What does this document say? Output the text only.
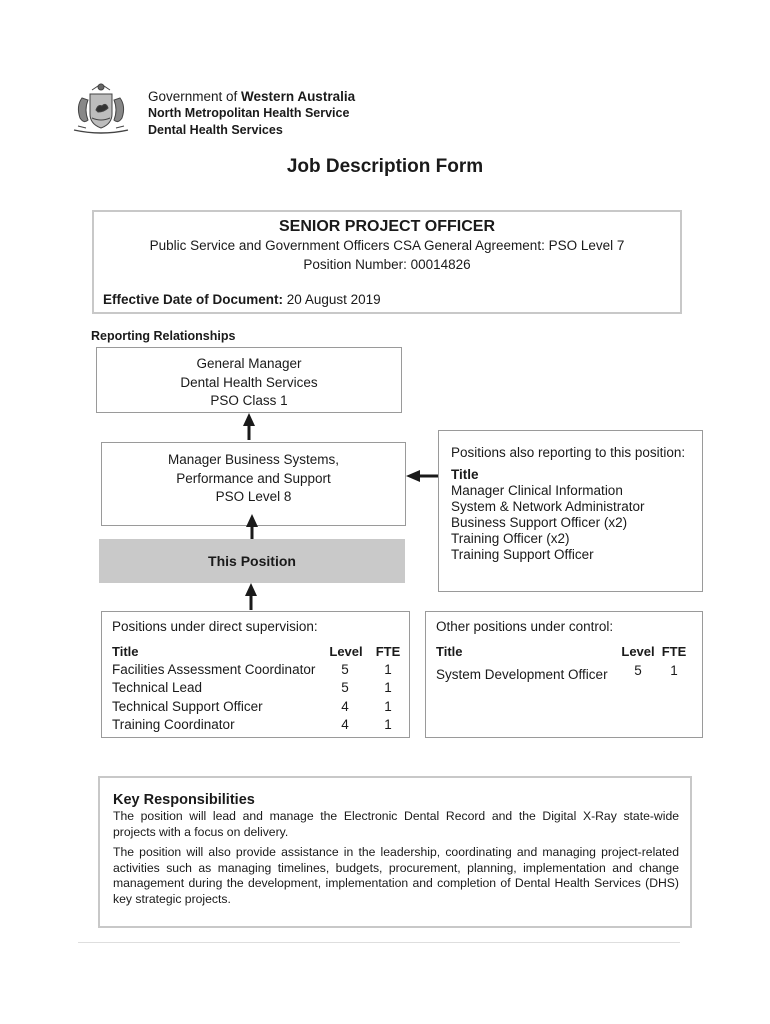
Government of Western Australia
North Metropolitan Health Service
Dental Health Services
Job Description Form
SENIOR PROJECT OFFICER
Public Service and Government Officers CSA General Agreement: PSO Level 7
Position Number: 00014826
Effective Date of Document: 20 August 2019
Reporting Relationships
General Manager
Dental Health Services
PSO Class 1
Manager Business Systems,
Performance and Support
PSO Level 8
This Position
Positions also reporting to this position:
Title
Manager Clinical Information
System & Network Administrator
Business Support Officer (x2)
Training Officer (x2)
Training Support Officer
Positions under direct supervision:
Title	Level FTE
Facilities Assessment Coordinator	5	1
Technical Lead	5	1
Technical Support Officer	4	1
Training Coordinator	4	1
Other positions under control:
Title	Level FTE
System Development Officer	5	1
Key Responsibilities

The position will lead and manage the Electronic Dental Record and the Digital X-Ray state-wide projects with a focus on delivery.

The position will also provide assistance in the leadership, coordinating and managing project-related activities such as managing timelines, budgets, procurement, planning, implementation and change management during the development, implementation and completion of Dental Health Services (DHS) key strategic projects.
